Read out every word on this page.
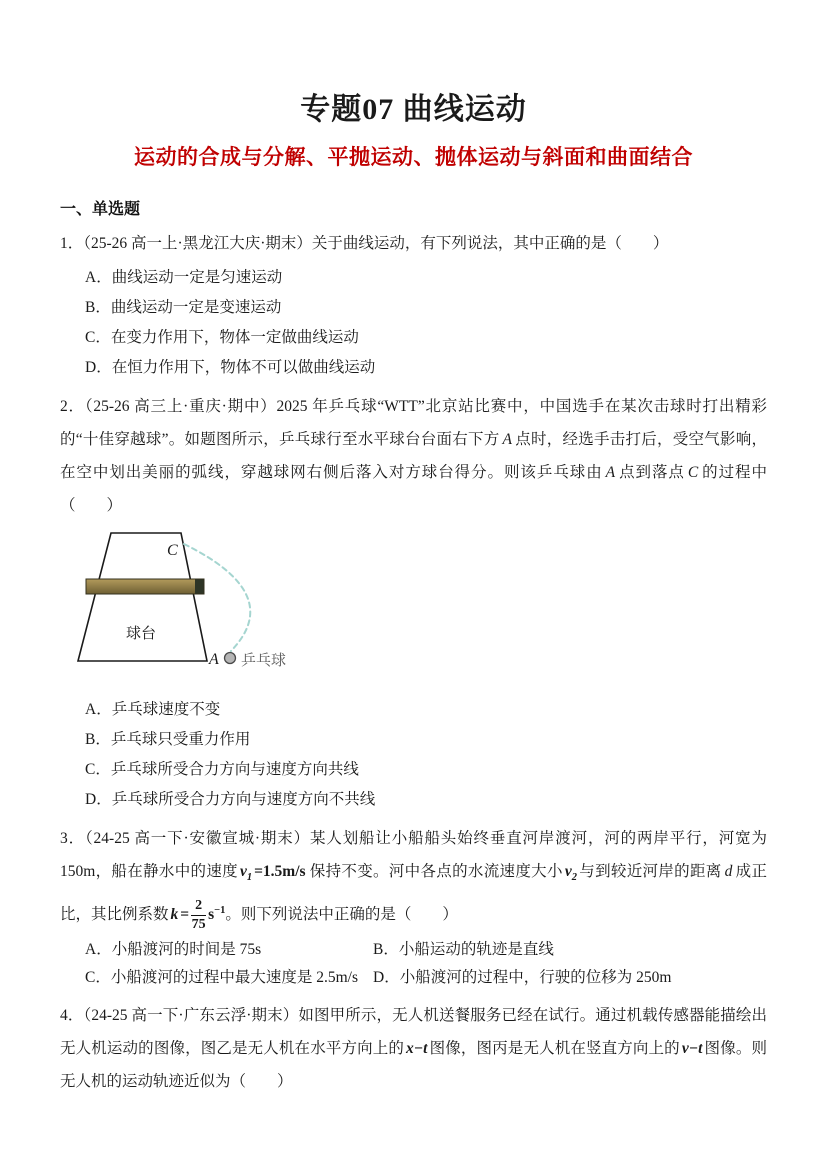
专题07 曲线运动
运动的合成与分解、平抛运动、抛体运动与斜面和曲面结合
一、单选题

1．（25-26 高一上·黑龙江大庆·期末）关于曲线运动，有下列说法，其中正确的是（　　）

A．曲线运动一定是匀速运动

B．曲线运动一定是变速运动

C．在变力作用下，物体一定做曲线运动

D．在恒力作用下，物体不可以做曲线运动

2．（25-26 高三上·重庆·期中）2025 年乒乓球“WTT”北京站比赛中，中国选手在某次击球时打出精彩的“十佳穿越球”。如题图所示，乒乓球行至水平球台台面右下方 A 点时，经选手击打后，受空气影响，在空中划出美丽的弧线，穿越球网右侧后落入对方球台得分。则该乒乓球由 A 点到落点 C 的过程中（　　）

C
球台
A 乒乓球

A．乒乓球速度不变

B．乒乓球只受重力作用

C．乒乓球所受合力方向与速度方向共线

D．乒乓球所受合力方向与速度方向不共线

3．（24-25 高一下·安徽宣城·期末）某人划船让小船船头始终垂直河岸渡河，河的两岸平行，河宽为 150m，船在静水中的速度 $v_1 =1.5m/s$ 保持不变。河中各点的水流速度大小 $v_2$ 与到较近河岸的距离 d 成正比，其比例系数 $k = \frac{2}{75} s^{-1}$。则下列说法中正确的是（　　）

A．小船渡河的时间是 75s	B．小船运动的轨迹是直线

C．小船渡河的过程中最大速度是 2.5m/s D．小船渡河的过程中，行驶的位移为 250m

4．（24-25 高一下·广东云浮·期末）如图甲所示，无人机送餐服务已经在试行。通过机载传感器能描绘出无人机运动的图像，图乙是无人机在水平方向上的 x−t 图像，图丙是无人机在竖直方向上的 v−t 图像。则无人机的运动轨迹近似为（　　）
